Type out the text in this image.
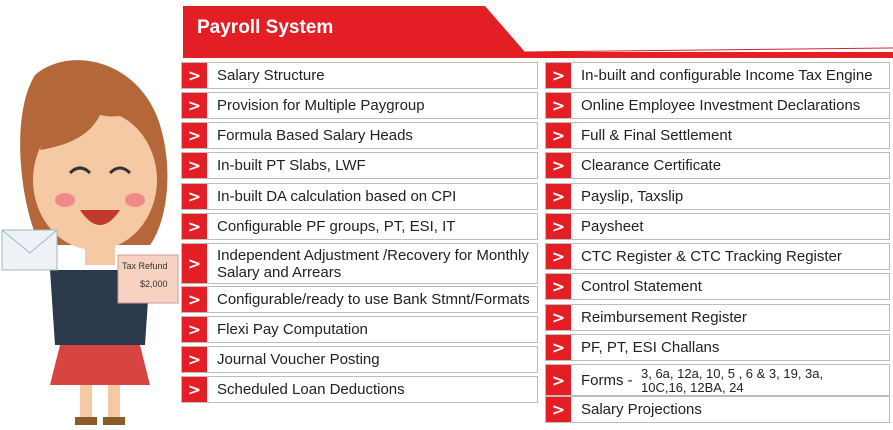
Tax Refund
$2,000
Payroll System
>	Salary Structure
>	Provision for Multiple Paygroup
>	Formula Based Salary Heads
>	In-built PT Slabs, LWF
>	In-built DA calculation based on CPI
>	Configurable PF groups, PT, ESI, IT
>	Independent Adjustment /Recovery for Monthly Salary and Arrears
>	Configurable/ready to use Bank Stmnt/Formats
>	Flexi Pay Computation
>	Journal Voucher Posting
>	Scheduled Loan Deductions
>	In-built and configurable Income Tax Engine
>	Online Employee Investment Declarations
>	Full & Final Settlement
>	Clearance Certificate
>	Payslip, Taxslip
>	Paysheet
>	CTC Register & CTC Tracking Register
>	Control Statement
>	Reimbursement Register
>	PF, PT, ESI Challans
>	Forms - 3, 6a, 12a, 10, 5 , 6 & 3, 19, 3a, 10C,16, 12BA, 24
>	Salary Projections
